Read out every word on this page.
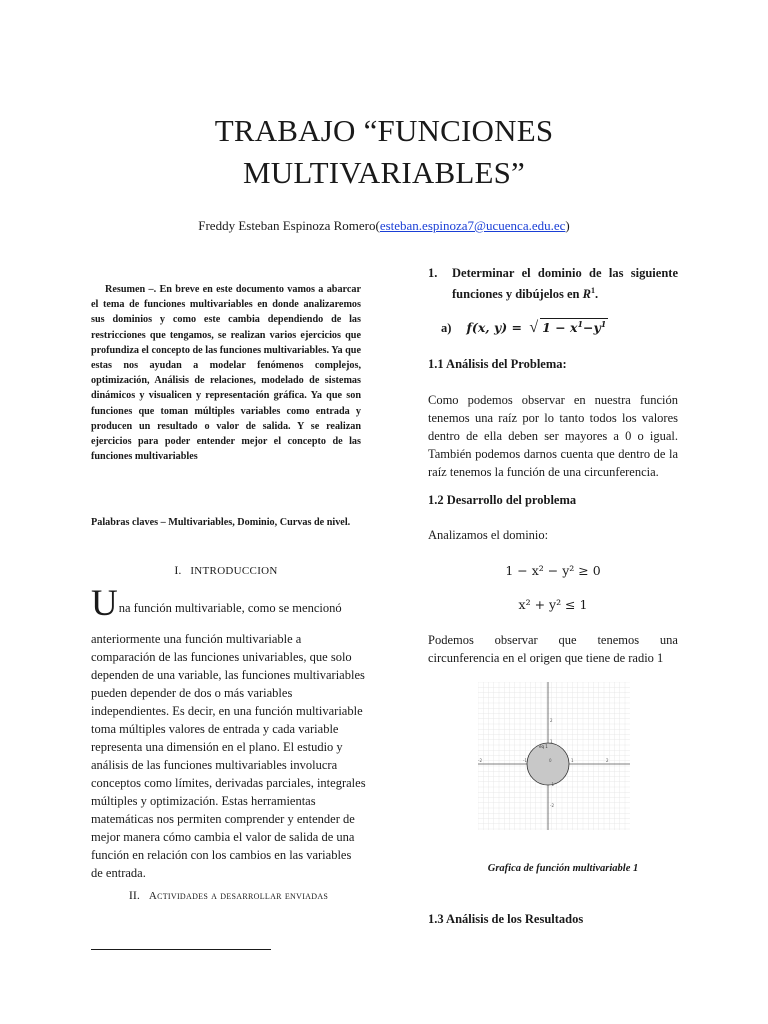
TRABAJO “FUNCIONES
MULTIVARIABLES”
Freddy Esteban Espinoza Romero(esteban.espinoza7@ucuenca.edu.ec)
Resumen –. En breve en este documento vamos a abarcar el tema de funciones multivariables en donde analizaremos sus dominios y como este cambia dependiendo de las restricciones que tengamos, se realizan varios ejercicios que profundiza el concepto de las funciones multivariables. Ya que estas nos ayudan a modelar fenómenos complejos, optimización, Análisis de relaciones, modelado de sistemas dinámicos y visualicen y representación gráfica. Ya que son funciones que toman múltiples variables como entrada y producen un resultado o valor de salida. Y se realizan ejercicios para poder entender mejor el concepto de las funciones multivariables
Palabras claves – Multivariables, Dominio, Curvas de nivel.
I. INTRODUCCION
Una función multivariable, como se mencionó
anteriormente una función multivariable a comparación de las funciones univariables, que solo dependen de una variable, las funciones multivariables pueden depender de dos o más variables independientes. Es decir, en una función multivariable toma múltiples valores de entrada y cada variable representa una dimensión en el plano. El estudio y análisis de las funciones multivariables involucra conceptos como límites, derivadas parciales, integrales múltiples y optimización. Estas herramientas matemáticas nos permiten comprender y entender de mejor manera cómo cambia el valor de salida de una función en relación con los cambios en las variables de entrada.
II. Actividades a desarrollar enviadas
1.	Determinar el dominio de las siguiente funciones y dibújelos en $R^1$.
a) f(x, y) = √ $1 - x^1-y^1$
1.1 Análisis del Problema:
Como podemos observar en nuestra función tenemos una raíz por lo tanto todos los valores dentro de ella deben ser mayores a 0 o igual. También podemos darnos cuenta que dentro de la raíz tenemos la función de una circunferencia.
1.2 Desarrollo del problema
Analizamos el dominio:
1 − x² − y² ≥ 0
x² + y² ≤ 1
Podemos observar que tenemos una circunferencia en el origen que tiene de radio 1
eq 1
-2	-1	0	1	2
2
1
-1
-2
Grafica de función multivariable 1
1.3 Análisis de los Resultados
